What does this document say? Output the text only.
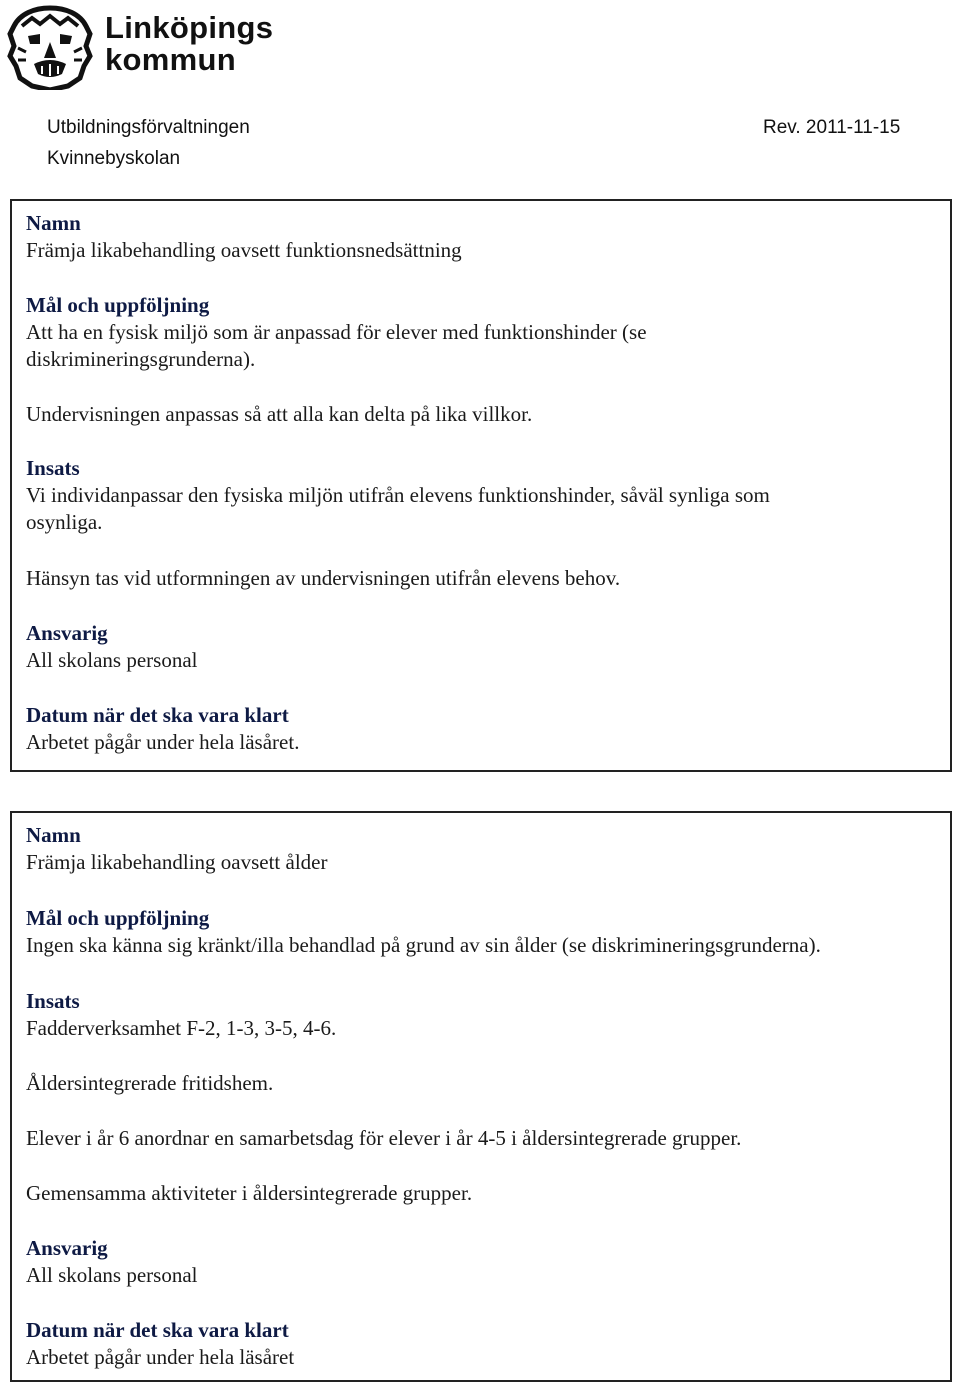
Linköpings
kommun
Utbildningsförvaltningen
Kvinnebyskolan
Rev. 2011-11-15
Namn
Främja likabehandling oavsett funktionsnedsättning
Mål och uppföljning
Att ha en fysisk miljö som är anpassad för elever med funktionshinder (se
diskrimineringsgrunderna).
Undervisningen anpassas så att alla kan delta på lika villkor.
Insats
Vi individanpassar den fysiska miljön utifrån elevens funktionshinder, såväl synliga som
osynliga.
Hänsyn tas vid utformningen av undervisningen utifrån elevens behov.
Ansvarig
All skolans personal
Datum när det ska vara klart
Arbetet pågår under hela läsåret.
Namn
Främja likabehandling oavsett ålder
Mål och uppföljning
Ingen ska känna sig kränkt/illa behandlad på grund av sin ålder (se diskrimineringsgrunderna).
Insats
Fadderverksamhet F-2, 1-3, 3-5, 4-6.
Åldersintegrerade fritidshem.
Elever i år 6 anordnar en samarbetsdag för elever i år 4-5 i åldersintegrerade grupper.
Gemensamma aktiviteter i åldersintegrerade grupper.
Ansvarig
All skolans personal
Datum när det ska vara klart
Arbetet pågår under hela läsåret
